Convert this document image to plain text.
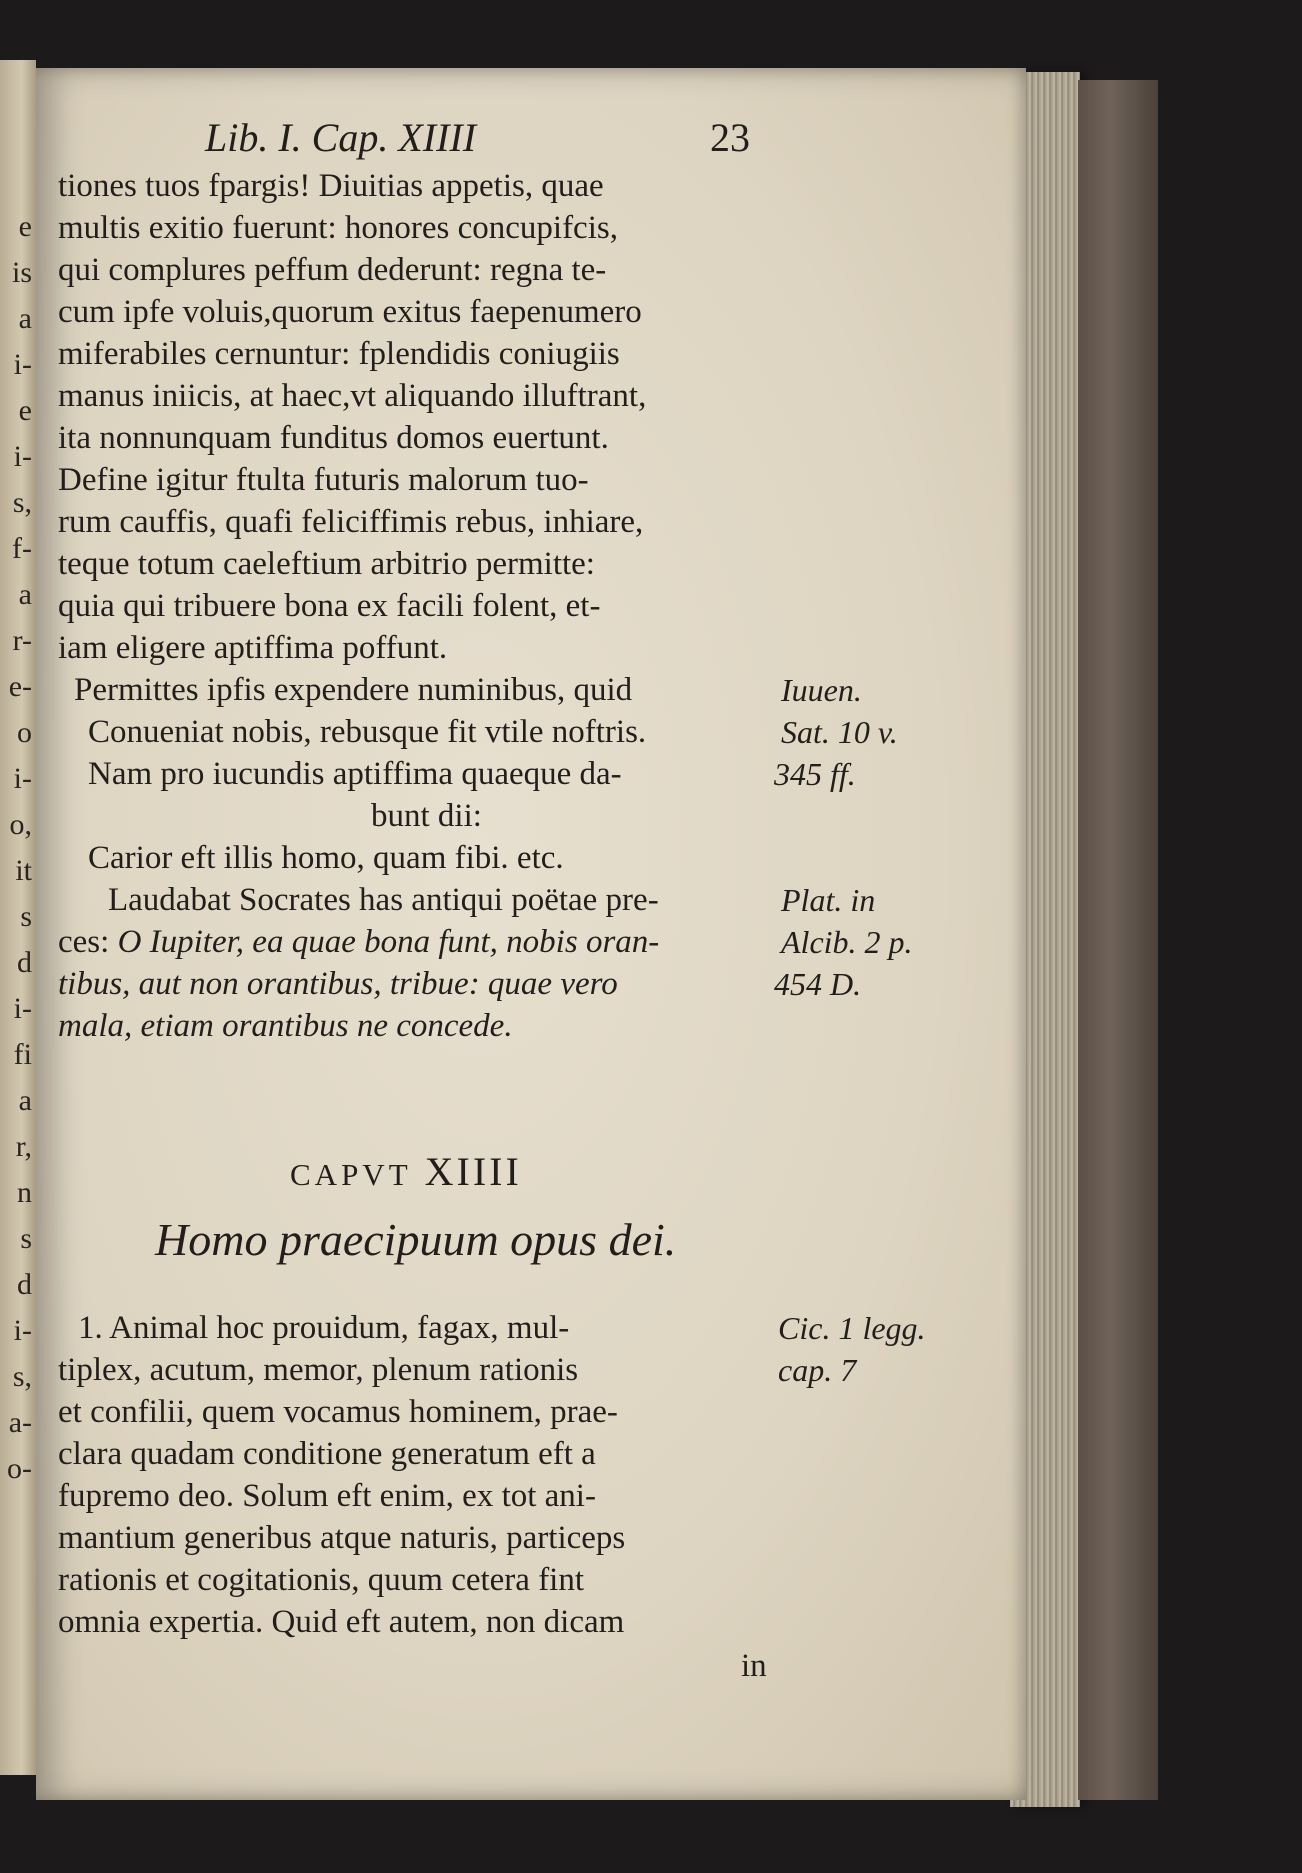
e
is
a
i-
e
i-
s,
f-
a
r-
e-
o
i-
o,
it
s
d
i-
fi
a
r,
n
s
d
i-
s,
a-
o-
Lib. I. Cap. XIIII	23
tiones tuos fpargis! Diuitias appetis, quae
multis exitio fuerunt: honores concupifcis,
qui complures peffum dederunt: regna te-
cum ipfe voluis,quorum exitus faepenumero
miferabiles cernuntur: fplendidis coniugiis
manus iniicis, at haec,vt aliquando illuftrant,
ita nonnunquam funditus domos euertunt.
Define igitur ftulta futuris malorum tuo-
rum cauffis, quafi feliciffimis rebus, inhiare,
teque totum caeleftium arbitrio permitte:
quia qui tribuere bona ex facili folent, et-
iam eligere aptiffima poffunt.
Permittes ipfis expendere numinibus, quid
Conueniat nobis, rebusque fit vtile noftris.
Nam pro iucundis aptiffima quaeque da-
bunt dii:
Carior eft illis homo, quam fibi. etc.
Iuuen.
Sat. 10 v.
345 ff.
Laudabat Socrates has antiqui poëtae pre-
ces: O Iupiter, ea quae bona funt, nobis oran-
tibus, aut non orantibus, tribue: quae vero
mala, etiam orantibus ne concede.
Plat. in
Alcib. 2 p.
454 D.
CAPVT XIIII
Homo praecipuum opus dei.
1. Animal hoc prouidum, fagax, mul-
tiplex, acutum, memor, plenum rationis
et confilii, quem vocamus hominem, prae-
clara quadam conditione generatum eft a
fupremo deo. Solum eft enim, ex tot ani-
mantium generibus atque naturis, particeps
rationis et cogitationis, quum cetera fint
omnia expertia. Quid eft autem, non dicam
Cic. 1 legg.
cap. 7
in
